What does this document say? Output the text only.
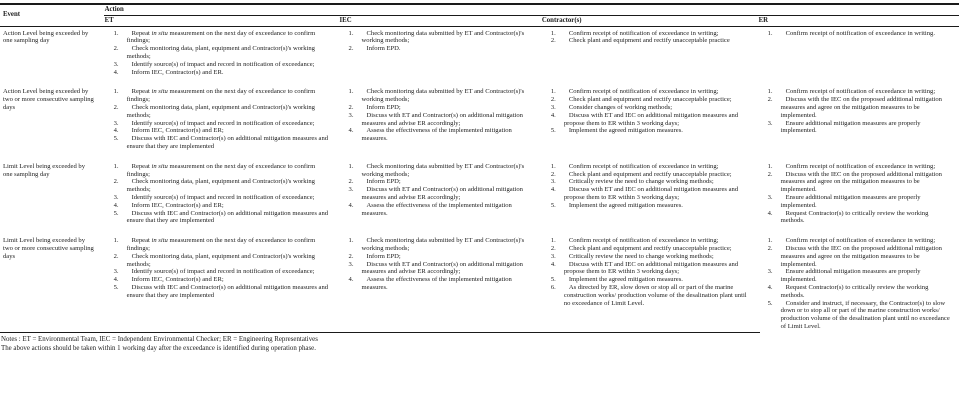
Event	Action			
	ET	IEC	Contractor(s)	ER
Action Level being exceeded by one sampling day	
1.	Repeat in situ measurement on the next day of exceedance to confirm findings;
2.	Check monitoring data, plant, equipment and Contractor(s)'s working methods;
3.	Identify source(s) of impact and record in notification of exceedance;
4.	Inform IEC, Contractor(s) and ER.

1.	Check monitoring data submitted by ET and Contractor(s)'s working methods;
2.	Inform EPD.

1.	Confirm receipt of notification of exceedance in writing;
2.	Check plant and equipment and rectify unacceptable practice

1.	Confirm receipt of notification of exceedance in writing.

Action Level being exceeded by two or more consecutive sampling days	
1.	Repeat in situ measurement on the next day of exceedance to confirm findings;
2.	Check monitoring data, plant, equipment and Contractor(s)'s working methods;
3.	Identify source(s) of impact and record in notification of exceedance;
4.	Inform IEC, Contractor(s) and ER;
5.	Discuss with IEC and Contractor(s) on additional mitigation measures and ensure that they are implemented

1.	Check monitoring data submitted by ET and Contractor(s)'s working methods;
2.	Inform EPD;
3.	Discuss with ET and Contractor(s) on additional mitigation measures and advise ER accordingly;
4.	Assess the effectiveness of the implemented mitigation measures.

1.	Confirm receipt of notification of exceedance in writing;
2.	Check plant and equipment and rectify unacceptable practice;
3.	Consider changes of working methods;
4.	Discuss with ET and IEC on additional mitigation measures and propose them to ER within 3 working days;
5.	Implement the agreed mitigation measures.

1.	Confirm receipt of notification of exceedance in writing;
2.	Discuss with the IEC on the proposed additional mitigation measures and agree on the mitigation measures to be implemented.
3.	Ensure additional mitigation measures are properly implemented.

Limit Level being exceeded by one sampling day	
1.	Repeat in situ measurement on the next day of exceedance to confirm findings;
2.	Check monitoring data, plant, equipment and Contractor(s)'s working methods;
3.	Identify source(s) of impact and record in notification of exceedance;
4.	Inform IEC, Contractor(s) and ER;
5.	Discuss with IEC and Contractor(s) on additional mitigation measures and ensure that they are implemented

1.	Check monitoring data submitted by ET and Contractor(s)'s working methods;
2.	Inform EPD;
3.	Discuss with ET and Contractor(s) on additional mitigation measures and advise ER accordingly;
4.	Assess the effectiveness of the implemented mitigation measures.

1.	Confirm receipt of notification of exceedance in writing;
2.	Check plant and equipment and rectify unacceptable practice;
3.	Critically review the need to change working methods;
4.	Discuss with ET and IEC on additional mitigation measures and propose them to ER within 3 working days;
5.	Implement the agreed mitigation measures.

1.	Confirm receipt of notification of exceedance in writing;
2.	Discuss with the IEC on the proposed additional mitigation measures and agree on the mitigation measures to be implemented.
3.	Ensure additional mitigation measures are properly implemented.
4.	Request Contractor(s) to critically review the working methods.

Limit Level being exceeded by two or more consecutive sampling days	
1.	Repeat in situ measurement on the next day of exceedance to confirm findings;
2.	Check monitoring data, plant, equipment and Contractor(s)'s working methods;
3.	Identify source(s) of impact and record in notification of exceedance;
4.	Inform IEC, Contractor(s) and ER;
5.	Discuss with IEC and Contractor(s) on additional mitigation measures and ensure that they are implemented

1.	Check monitoring data submitted by ET and Contractor(s)'s working methods;
2.	Inform EPD;
3.	Discuss with ET and Contractor(s) on additional mitigation measures and advise ER accordingly;
4.	Assess the effectiveness of the implemented mitigation measures.

1.	Confirm receipt of notification of exceedance in writing;
2.	Check plant and equipment and rectify unacceptable practice;
3.	Critically review the need to change working methods;
4.	Discuss with ET and IEC on additional mitigation measures and propose them to ER within 3 working days;
5.	Implement the agreed mitigation measures.
6.	As directed by ER, slow down or stop all or part of the marine construction works/ production volume of the desalination plant until no exceedance of Limit Level.

1.	Confirm receipt of notification of exceedance in writing;
2.	Discuss with the IEC on the proposed additional mitigation measures and agree on the mitigation measures to be implemented.
3.	Ensure additional mitigation measures are properly implemented.
4.	Request Contractor(s) to critically review the working methods.
5.	Consider and instruct, if necessary, the Contractor(s) to slow down or to stop all or part of the marine construction works/ production volume of the desalination plant until no exceedance of Limit Level.
Notes : ET = Environmental Team, IEC = Independent Environmental Checker; ER = Engineering Representatives
The above actions should be taken within 1 working day after the exceedance is identified during operation phase.
